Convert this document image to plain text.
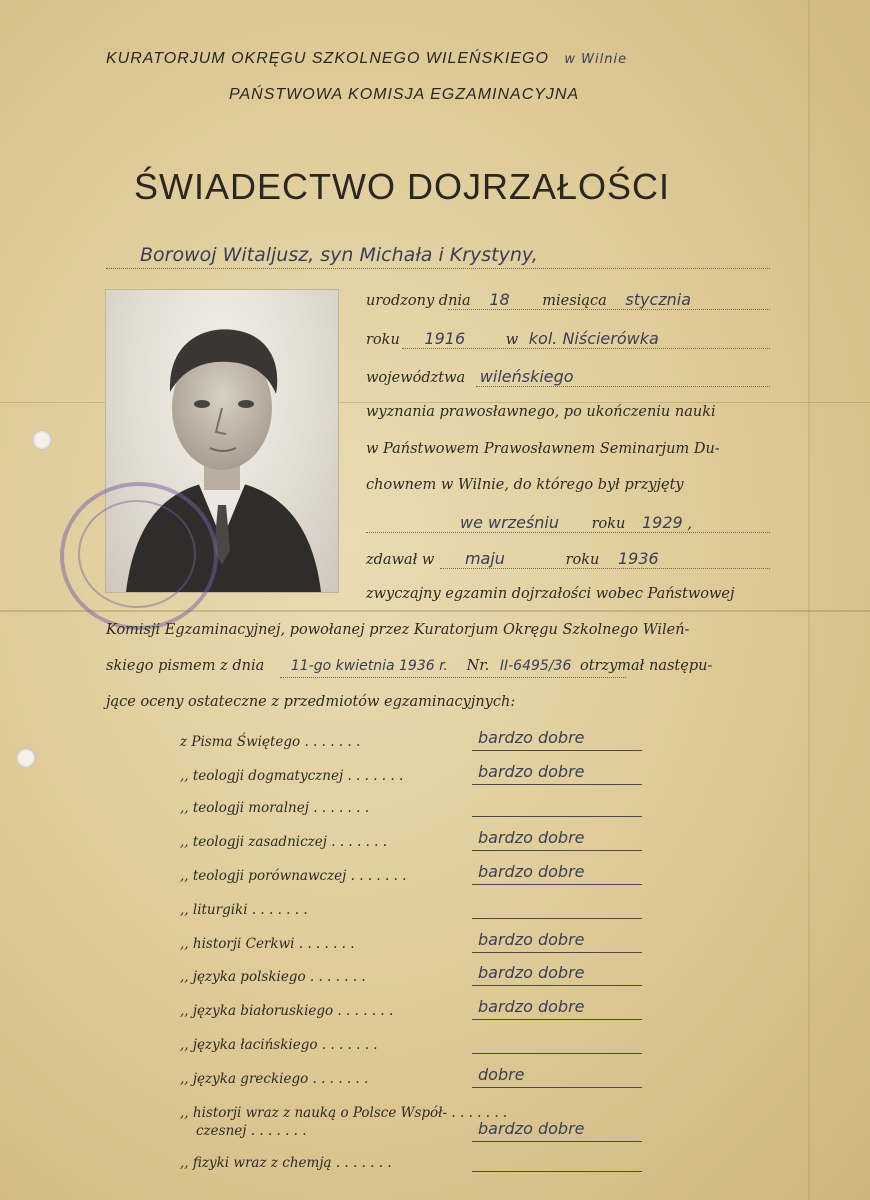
KURATORJUM OKRĘGU SZKOLNEGO WILEŃSKIEGO w Wilnie
PAŃSTWOWA KOMISJA EGZAMINACYJNA
ŚWIADECTWO DOJRZAŁOŚCI
Borowoj Witaljusz, syn Michała i Krystyny,
urodzony dnia 18 miesiąca stycznia
roku 1916	w kol. Niścierówka
województwa wileńskiego
wyznania prawosławnego, po ukończeniu nauki
w Państwowem Prawosławnem Seminarjum Du-
chownem w Wilnie, do którego był przyjęty
we wrześniu roku 1929 ,
zdawał w maju	roku 1936
zwyczajny egzamin dojrzałości wobec Państwowej
Komisji Egzaminacyjnej, powołanej przez Kuratorjum Okręgu Szkolnego Wileń-
skiego pismem z dnia 11-go kwietnia 1936 r. Nr. II-6495/36 otrzymał następu-
jące oceny ostateczne z przedmiotów egzaminacyjnych:
z Pisma Świętego . . . . . . .	bardzo dobre
,, teologji dogmatycznej . . . . . . .	bardzo dobre
,, teologji moralnej . . . . . . .
,, teologji zasadniczej . . . . . . .	bardzo dobre
,, teologji porównawczej . . . . . . .	bardzo dobre
,, liturgiki . . . . . . .
,, historji Cerkwi . . . . . . .	bardzo dobre
,, języka polskiego . . . . . . .	bardzo dobre
,, języka białoruskiego . . . . . . .	bardzo dobre
,, języka łacińskiego . . . . . . .
,, języka greckiego . . . . . . .	dobre
,, historji wraz z nauką o Polsce Współ- . . . . . . .
czesnej . . . . . . .	bardzo dobre
,, fizyki wraz z chemją . . . . . . .
